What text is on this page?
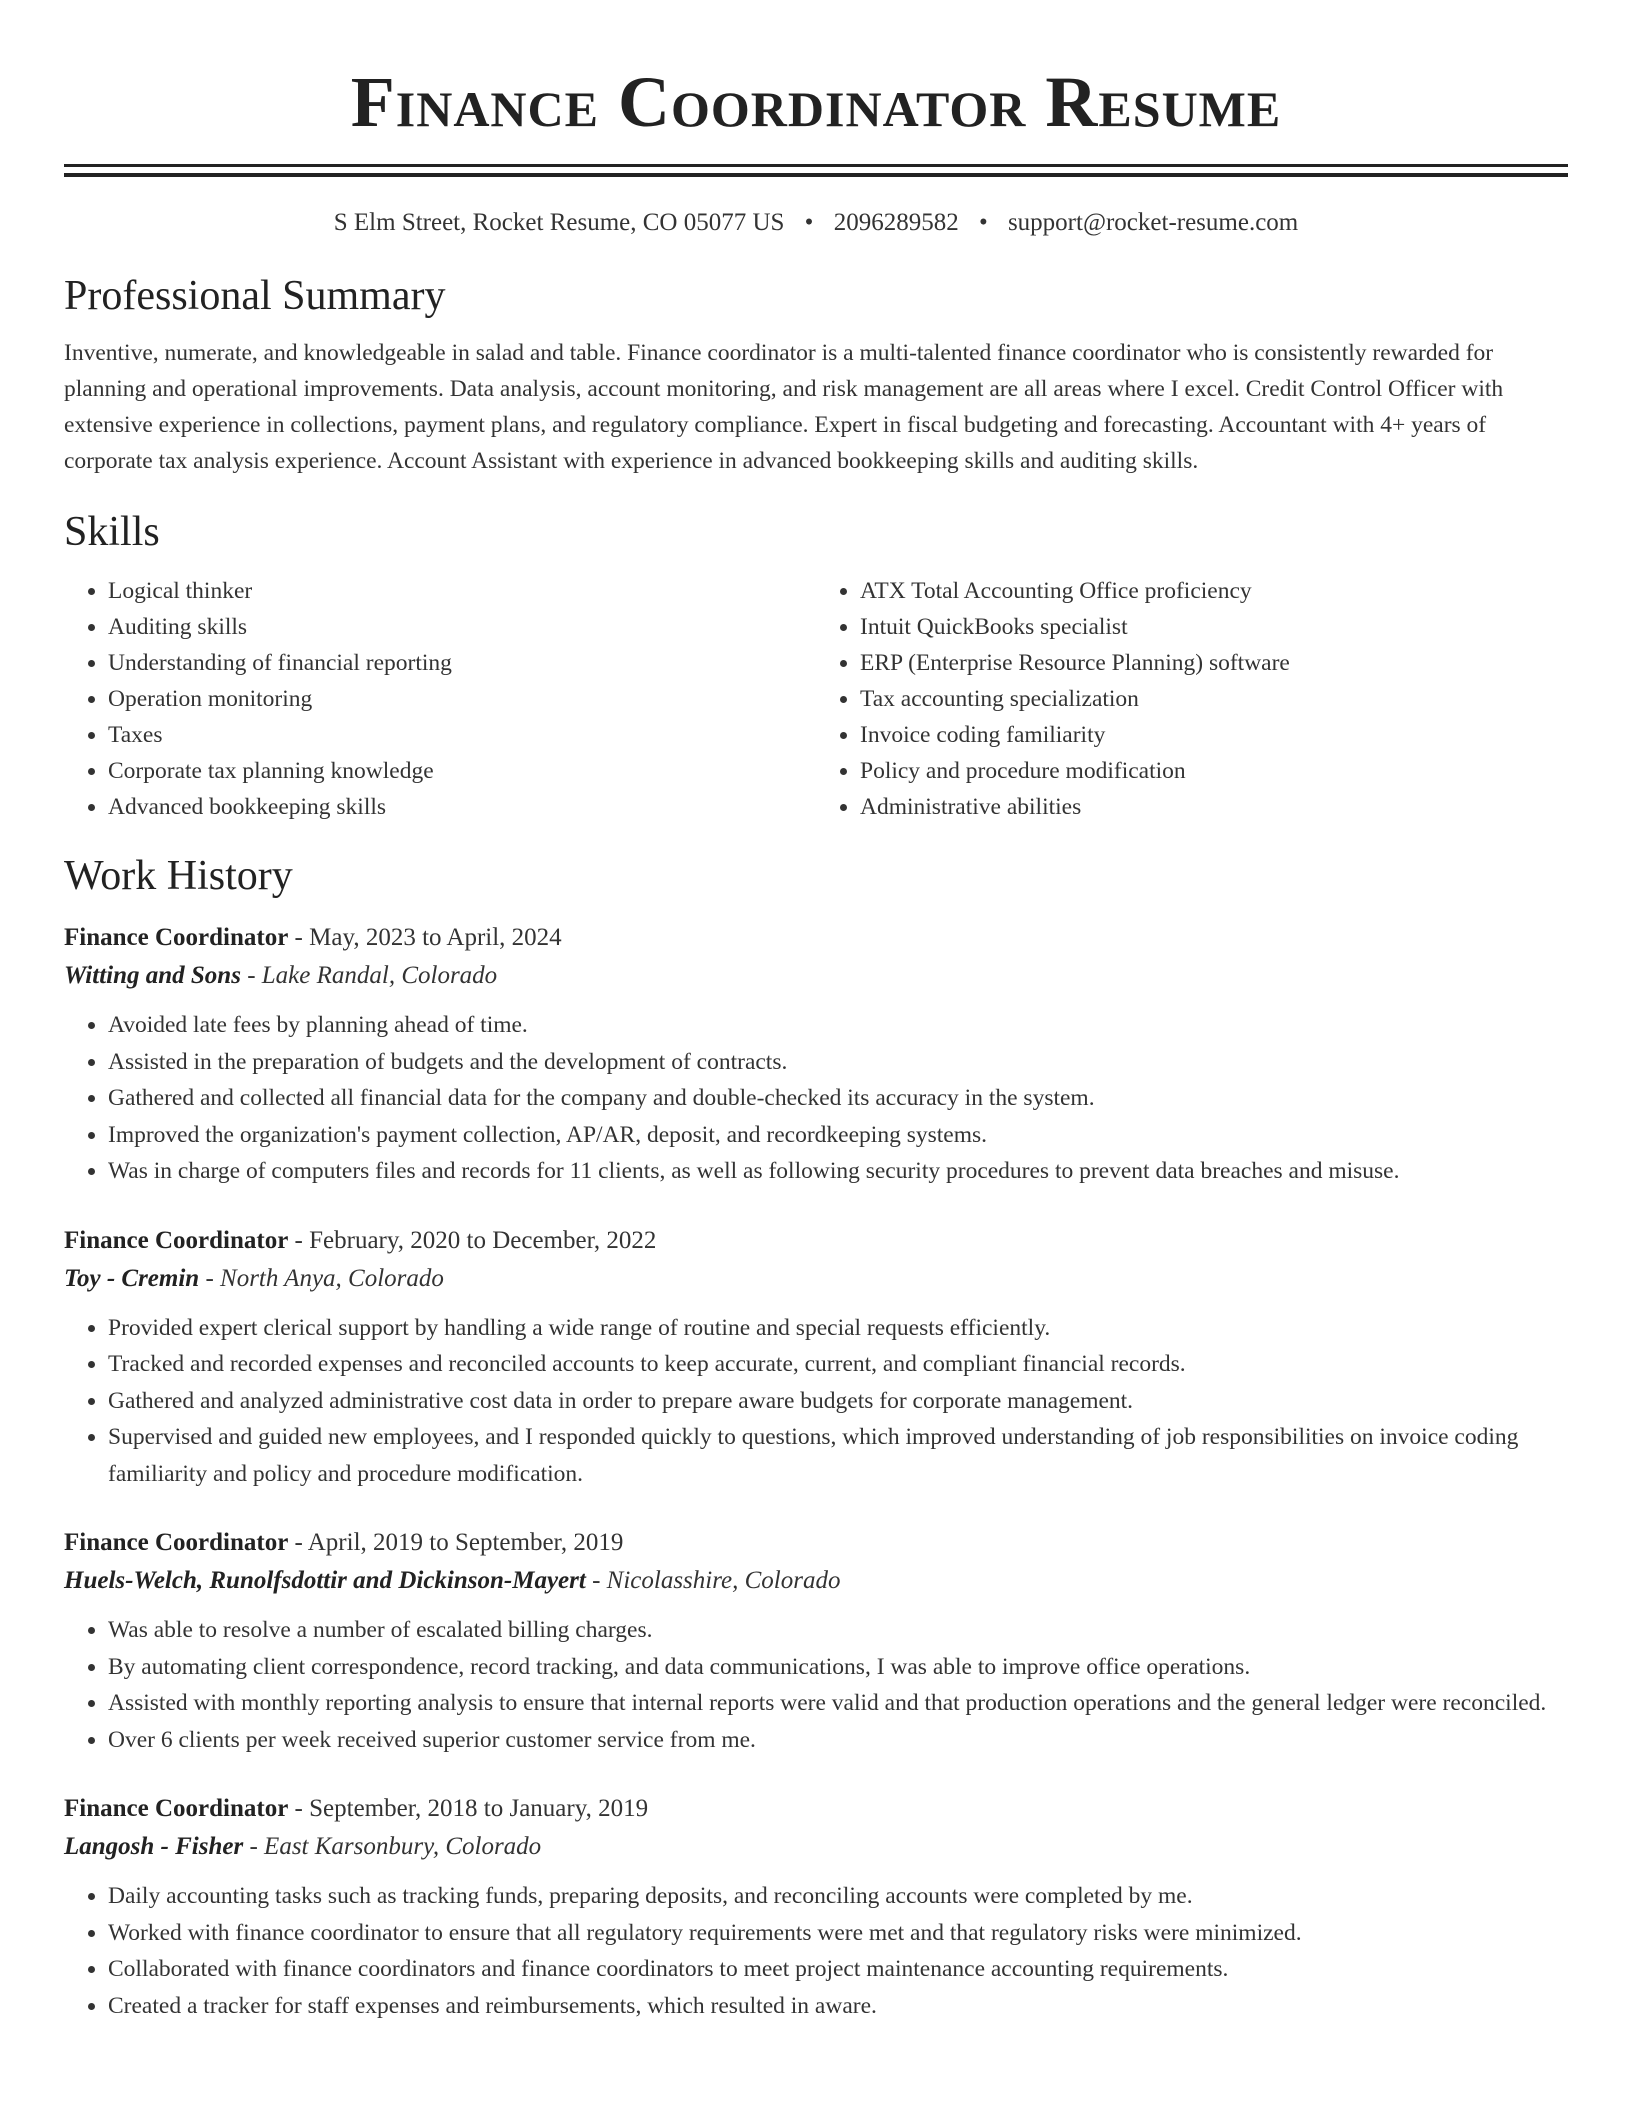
Finance Coordinator Resume
S Elm Street, Rocket Resume, CO 05077 US • 2096289582 • support@rocket-resume.com
Professional Summary
Inventive, numerate, and knowledgeable in salad and table. Finance coordinator is a multi-talented finance coordinator who is consistently rewarded for planning and operational improvements. Data analysis, account monitoring, and risk management are all areas where I excel. Credit Control Officer with extensive experience in collections, payment plans, and regulatory compliance. Expert in fiscal budgeting and forecasting. Accountant with 4+ years of corporate tax analysis experience. Account Assistant with experience in advanced bookkeeping skills and auditing skills.
Skills
• Logical thinker
• Auditing skills
• Understanding of financial reporting
• Operation monitoring
• Taxes
• Corporate tax planning knowledge
• Advanced bookkeeping skills
• ATX Total Accounting Office proficiency
• Intuit QuickBooks specialist
• ERP (Enterprise Resource Planning) software
• Tax accounting specialization
• Invoice coding familiarity
• Policy and procedure modification
• Administrative abilities
Work History
Finance Coordinator - May, 2023 to April, 2024
Witting and Sons - Lake Randal, Colorado
• Avoided late fees by planning ahead of time.
• Assisted in the preparation of budgets and the development of contracts.
• Gathered and collected all financial data for the company and double-checked its accuracy in the system.
• Improved the organization's payment collection, AP/AR, deposit, and recordkeeping systems.
• Was in charge of computers files and records for 11 clients, as well as following security procedures to prevent data breaches and misuse.
Finance Coordinator - February, 2020 to December, 2022
Toy - Cremin - North Anya, Colorado
• Provided expert clerical support by handling a wide range of routine and special requests efficiently.
• Tracked and recorded expenses and reconciled accounts to keep accurate, current, and compliant financial records.
• Gathered and analyzed administrative cost data in order to prepare aware budgets for corporate management.
• Supervised and guided new employees, and I responded quickly to questions, which improved understanding of job responsibilities on invoice coding familiarity and policy and procedure modification.
Finance Coordinator - April, 2019 to September, 2019
Huels-Welch, Runolfsdottir and Dickinson-Mayert - Nicolasshire, Colorado
• Was able to resolve a number of escalated billing charges.
• By automating client correspondence, record tracking, and data communications, I was able to improve office operations.
• Assisted with monthly reporting analysis to ensure that internal reports were valid and that production operations and the general ledger were reconciled.
• Over 6 clients per week received superior customer service from me.
Finance Coordinator - September, 2018 to January, 2019
Langosh - Fisher - East Karsonbury, Colorado
• Daily accounting tasks such as tracking funds, preparing deposits, and reconciling accounts were completed by me.
• Worked with finance coordinator to ensure that all regulatory requirements were met and that regulatory risks were minimized.
• Collaborated with finance coordinators and finance coordinators to meet project maintenance accounting requirements.
• Created a tracker for staff expenses and reimbursements, which resulted in aware.
